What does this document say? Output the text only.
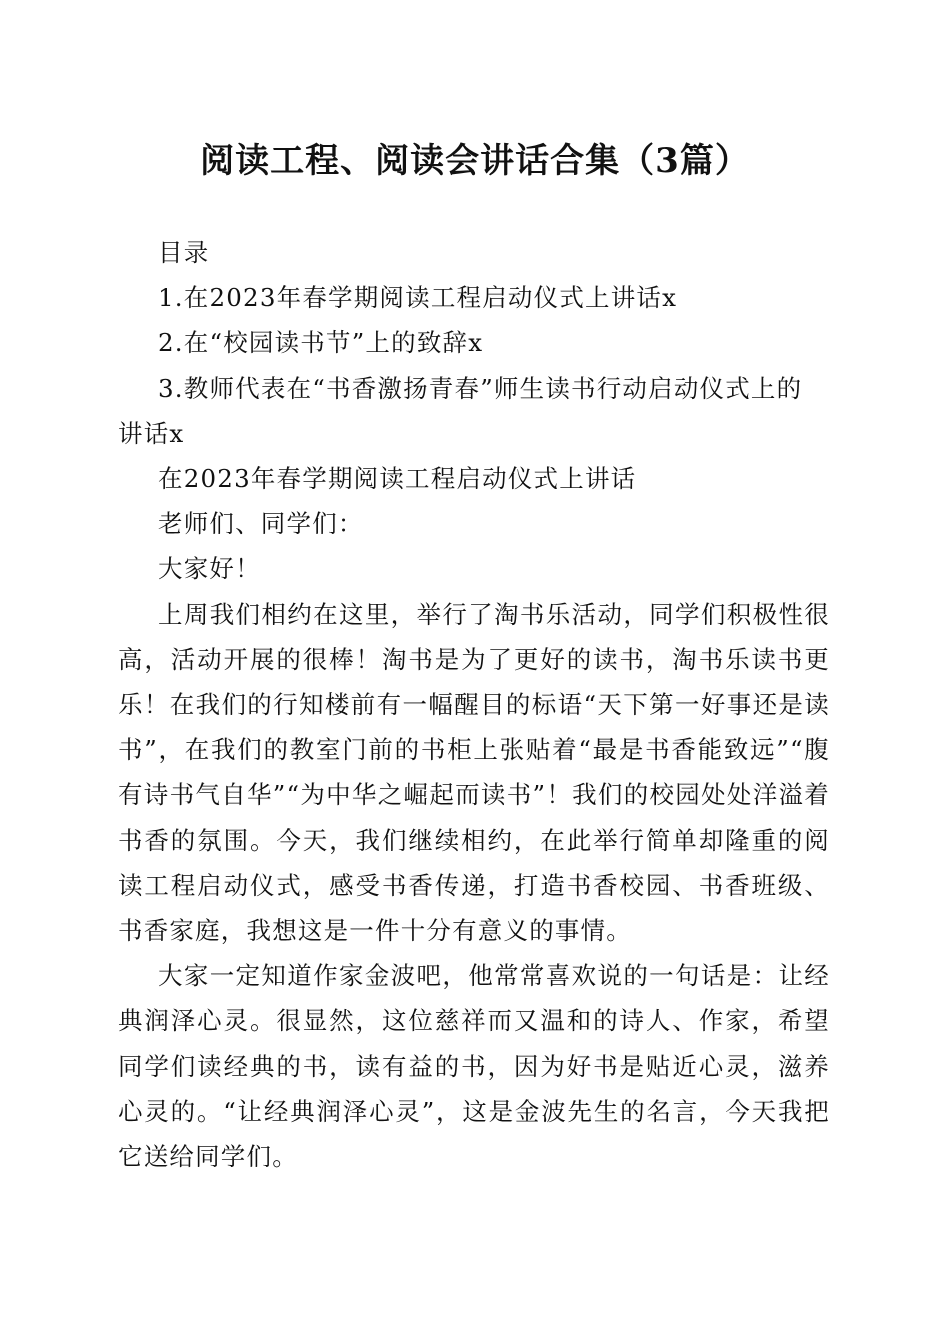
阅读工程、阅读会讲话合集（3篇）

目录

1.在2023年春学期阅读工程启动仪式上讲话x

2.在“校园读书节”上的致辞x

3.教师代表在“书香激扬青春”师生读书行动启动仪式上的

讲话x

在2023年春学期阅读工程启动仪式上讲话

老师们、同学们：

大家好！

上周我们相约在这里，举行了淘书乐活动，同学们积极性很高，活动开展的很棒！淘书是为了更好的读书，淘书乐读书更乐！在我们的行知楼前有一幅醒目的标语“天下第一好事还是读书”，在我们的教室门前的书柜上张贴着“最是书香能致远”“腹有诗书气自华”“为中华之崛起而读书”！我们的校园处处洋溢着书香的氛围。今天，我们继续相约，在此举行简单却隆重的阅读工程启动仪式，感受书香传递，打造书香校园、书香班级、书香家庭，我想这是一件十分有意义的事情。

大家一定知道作家金波吧，他常常喜欢说的一句话是：让经典润泽心灵。很显然，这位慈祥而又温和的诗人、作家，希望同学们读经典的书，读有益的书，因为好书是贴近心灵，滋养心灵的。“让经典润泽心灵”，这是金波先生的名言，今天我把它送给同学们。
